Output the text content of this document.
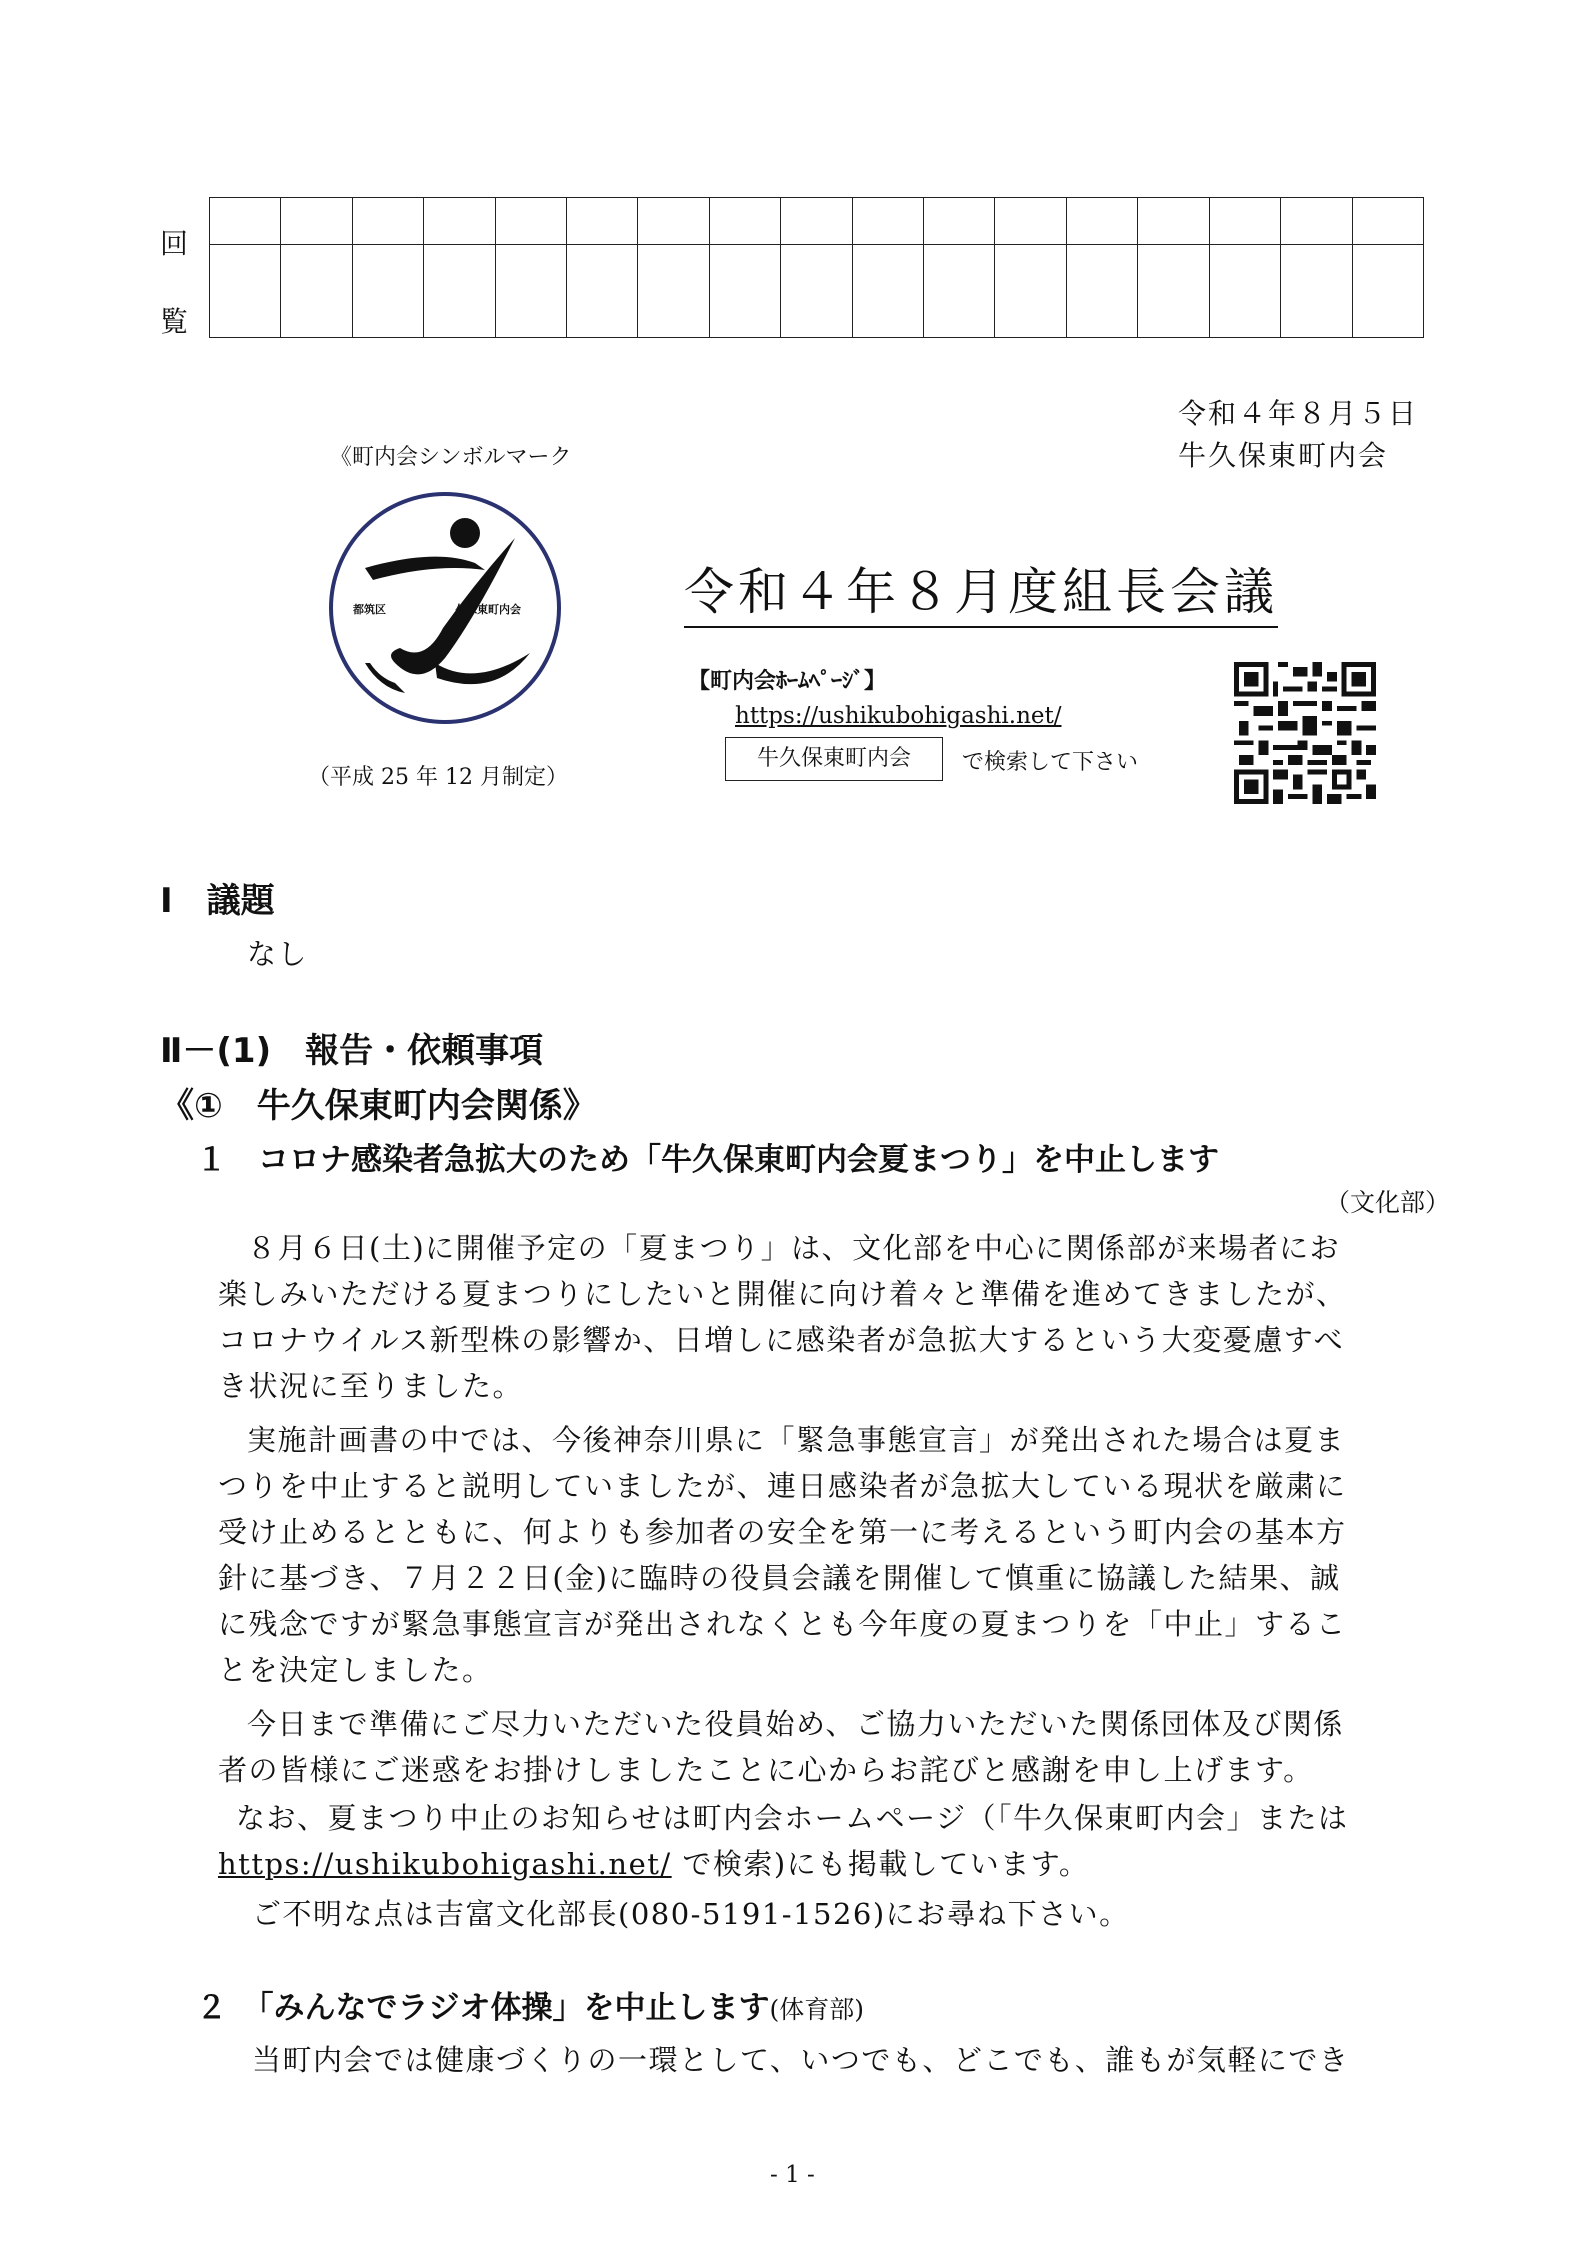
回
覧

令和４年８月５日
牛久保東町内会
《町内会シンボルマーク
都筑区	久保東町内会
（平成 25 年 12 月制定）
令和４年８月度組長会議
【町内会ﾎｰﾑﾍﾟｰｼﾞ】
https://ushikubohigashi.net/
牛久保東町内会	で検索して下さい
Ⅰ　議題
なし
Ⅱ－(1)　報告・依頼事項
《①　牛久保東町内会関係》
１　コロナ感染者急拡大のため「牛久保東町内会夏まつり」を中止します
（文化部）
８月６日(土)に開催予定の「夏まつり」は、文化部を中心に関係部が来場者にお
楽しみいただける夏まつりにしたいと開催に向け着々と準備を進めてきましたが、
コロナウイルス新型株の影響か、日増しに感染者が急拡大するという大変憂慮すべ
き状況に至りました。
実施計画書の中では、今後神奈川県に「緊急事態宣言」が発出された場合は夏ま
つりを中止すると説明していましたが、連日感染者が急拡大している現状を厳粛に
受け止めるとともに、何よりも参加者の安全を第一に考えるという町内会の基本方
針に基づき、７月２２日(金)に臨時の役員会議を開催して慎重に協議した結果、誠
に残念ですが緊急事態宣言が発出されなくとも今年度の夏まつりを「中止」するこ
とを決定しました。
今日まで準備にご尽力いただいた役員始め、ご協力いただいた関係団体及び関係
者の皆様にご迷惑をお掛けしましたことに心からお詫びと感謝を申し上げます。
なお、夏まつり中止のお知らせは町内会ホームページ（「牛久保東町内会」または
https://ushikubohigashi.net/ で検索)にも掲載しています。
ご不明な点は吉富文化部長(080-5191-1526)にお尋ね下さい。
２　「みんなでラジオ体操」を中止します(体育部)
当町内会では健康づくりの一環として、いつでも、どこでも、誰もが気軽にでき
- 1 -
